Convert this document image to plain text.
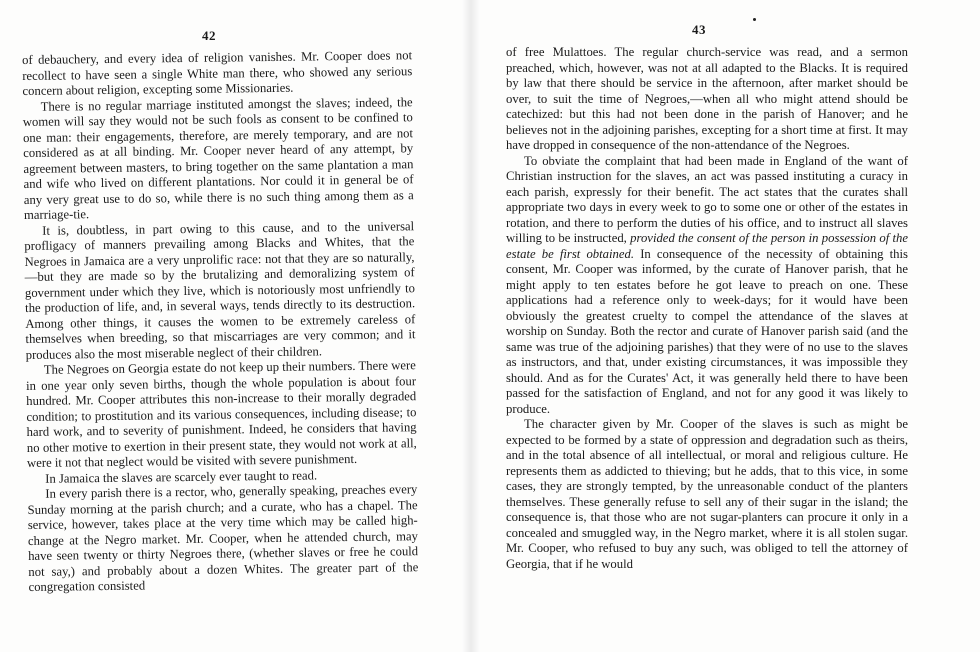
42

of debauchery, and every idea of religion vanishes. Mr. Cooper does not recollect to have seen a single White man there, who showed any serious concern about religion, excepting some Missionaries.

There is no regular marriage instituted amongst the slaves; indeed, the women will say they would not be such fools as consent to be confined to one man: their engagements, therefore, are merely temporary, and are not considered as at all binding. Mr. Cooper never heard of any attempt, by agreement between masters, to bring together on the same plantation a man and wife who lived on different plantations. Nor could it in general be of any very great use to do so, while there is no such thing among them as a marriage-tie.

It is, doubtless, in part owing to this cause, and to the universal profligacy of manners prevailing among Blacks and Whites, that the Negroes in Jamaica are a very unprolific race: not that they are so naturally,—but they are made so by the brutalizing and demoralizing system of government under which they live, which is notoriously most unfriendly to the production of life, and, in several ways, tends directly to its destruction. Among other things, it causes the women to be extremely careless of themselves when breeding, so that miscarriages are very common; and it produces also the most miserable neglect of their children.

The Negroes on Georgia estate do not keep up their numbers. There were in one year only seven births, though the whole population is about four hundred. Mr. Cooper attributes this non-increase to their morally degraded condition; to prostitution and its various consequences, including disease; to hard work, and to severity of punishment. Indeed, he considers that having no other motive to exertion in their present state, they would not work at all, were it not that neglect would be visited with severe punishment.

In Jamaica the slaves are scarcely ever taught to read.

In every parish there is a rector, who, generally speaking, preaches every Sunday morning at the parish church; and a curate, who has a chapel. The service, however, takes place at the very time which may be called high-change at the Negro market. Mr. Cooper, when he attended church, may have seen twenty or thirty Negroes there, (whether slaves or free he could not say,) and probably about a dozen Whites. The greater part of the congregation consisted

43

of free Mulattoes. The regular church-service was read, and a sermon preached, which, however, was not at all adapted to the Blacks. It is required by law that there should be service in the afternoon, after market should be over, to suit the time of Negroes,—when all who might attend should be catechized: but this had not been done in the parish of Hanover; and he believes not in the adjoining parishes, excepting for a short time at first. It may have dropped in consequence of the non-attendance of the Negroes.

To obviate the complaint that had been made in England of the want of Christian instruction for the slaves, an act was passed instituting a curacy in each parish, expressly for their benefit. The act states that the curates shall appropriate two days in every week to go to some one or other of the estates in rotation, and there to perform the duties of his office, and to instruct all slaves willing to be instructed, provided the consent of the person in possession of the estate be first obtained. In consequence of the necessity of obtaining this consent, Mr. Cooper was informed, by the curate of Hanover parish, that he might apply to ten estates before he got leave to preach on one. These applications had a reference only to week-days; for it would have been obviously the greatest cruelty to compel the attendance of the slaves at worship on Sunday. Both the rector and curate of Hanover parish said (and the same was true of the adjoining parishes) that they were of no use to the slaves as instructors, and that, under existing circumstances, it was impossible they should. And as for the Curates' Act, it was generally held there to have been passed for the satisfaction of England, and not for any good it was likely to produce.

The character given by Mr. Cooper of the slaves is such as might be expected to be formed by a state of oppression and degradation such as theirs, and in the total absence of all intellectual, or moral and religious culture. He represents them as addicted to thieving; but he adds, that to this vice, in some cases, they are strongly tempted, by the unreasonable conduct of the planters themselves. These generally refuse to sell any of their sugar in the island; the consequence is, that those who are not sugar-planters can procure it only in a concealed and smuggled way, in the Negro market, where it is all stolen sugar. Mr. Cooper, who refused to buy any such, was obliged to tell the attorney of Georgia, that if he would
